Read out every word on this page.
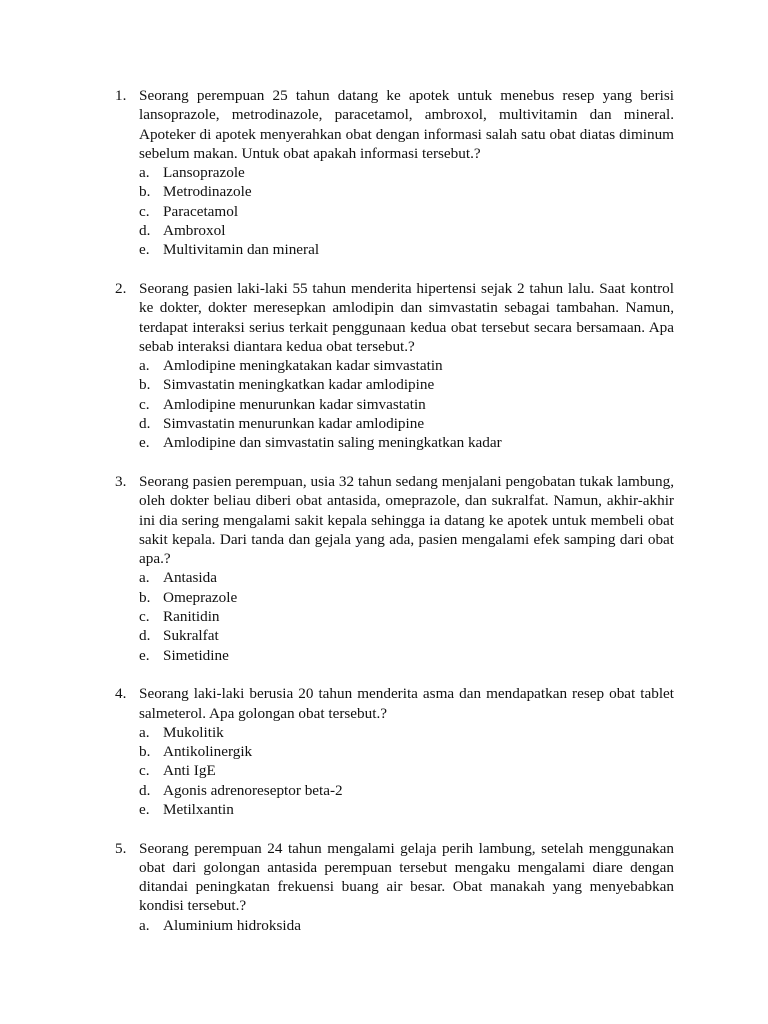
1. Seorang perempuan 25 tahun datang ke apotek untuk menebus resep yang berisi lansoprazole, metrodinazole, paracetamol, ambroxol, multivitamin dan mineral. Apoteker di apotek menyerahkan obat dengan informasi salah satu obat diatas diminum sebelum makan. Untuk obat apakah informasi tersebut.?
a. Lansoprazole
b. Metrodinazole
c. Paracetamol
d. Ambroxol
e. Multivitamin dan mineral
2. Seorang pasien laki-laki 55 tahun menderita hipertensi sejak 2 tahun lalu. Saat kontrol ke dokter, dokter meresepkan amlodipin dan simvastatin sebagai tambahan. Namun, terdapat interaksi serius terkait penggunaan kedua obat tersebut secara bersamaan. Apa sebab interaksi diantara kedua obat tersebut.?
a. Amlodipine meningkatakan kadar simvastatin
b. Simvastatin meningkatkan kadar amlodipine
c. Amlodipine menurunkan kadar simvastatin
d. Simvastatin menurunkan kadar amlodipine
e. Amlodipine dan simvastatin saling meningkatkan kadar
3. Seorang pasien perempuan, usia 32 tahun sedang menjalani pengobatan tukak lambung, oleh dokter beliau diberi obat antasida, omeprazole, dan sukralfat. Namun, akhir-akhir ini dia sering mengalami sakit kepala sehingga ia datang ke apotek untuk membeli obat sakit kepala. Dari tanda dan gejala yang ada, pasien mengalami efek samping dari obat apa.?
a. Antasida
b. Omeprazole
c. Ranitidin
d. Sukralfat
e. Simetidine
4. Seorang laki-laki berusia 20 tahun menderita asma dan mendapatkan resep obat tablet salmeterol. Apa golongan obat tersebut.?
a. Mukolitik
b. Antikolinergik
c. Anti IgE
d. Agonis adrenoreseptor beta-2
e. Metilxantin
5. Seorang perempuan 24 tahun mengalami gelaja perih lambung, setelah menggunakan obat dari golongan antasida perempuan tersebut mengaku mengalami diare dengan ditandai peningkatan frekuensi buang air besar. Obat manakah yang menyebabkan kondisi tersebut.?
a. Aluminium hidroksida
